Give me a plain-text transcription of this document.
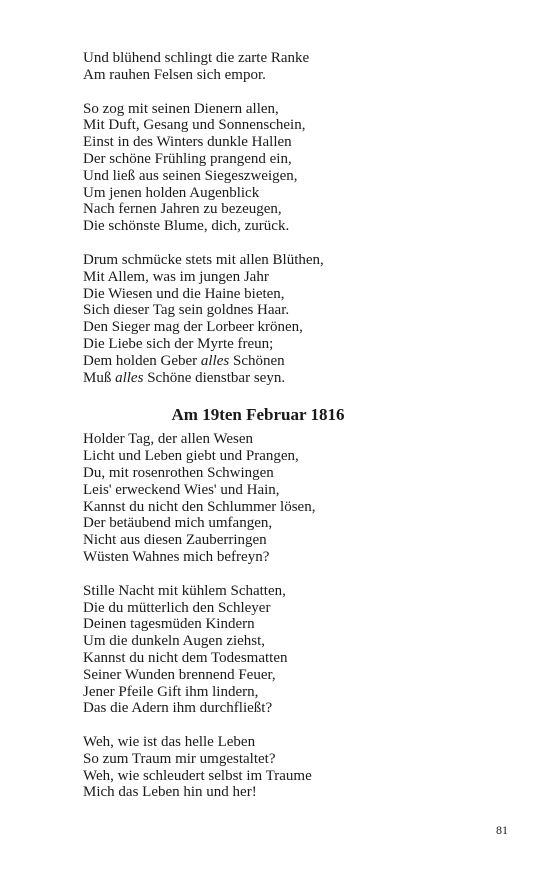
Und blühend schlingt die zarte Ranke
Am rauhen Felsen sich empor.
So zog mit seinen Dienern allen,
Mit Duft, Gesang und Sonnenschein,
Einst in des Winters dunkle Hallen
Der schöne Frühling prangend ein,
Und ließ aus seinen Siegeszweigen,
Um jenen holden Augenblick
Nach fernen Jahren zu bezeugen,
Die schönste Blume, dich, zurück.
Drum schmücke stets mit allen Blüthen,
Mit Allem, was im jungen Jahr
Die Wiesen und die Haine bieten,
Sich dieser Tag sein goldnes Haar.
Den Sieger mag der Lorbeer krönen,
Die Liebe sich der Myrte freun;
Dem holden Geber alles Schönen
Muß alles Schöne dienstbar seyn.
Am 19ten Februar 1816
Holder Tag, der allen Wesen
Licht und Leben giebt und Prangen,
Du, mit rosenrothen Schwingen
Leis' erweckend Wies' und Hain,
Kannst du nicht den Schlummer lösen,
Der betäubend mich umfangen,
Nicht aus diesen Zauberringen
Wüsten Wahnes mich befreyn?
Stille Nacht mit kühlem Schatten,
Die du mütterlich den Schleyer
Deinen tagesmüden Kindern
Um die dunkeln Augen ziehst,
Kannst du nicht dem Todesmatten
Seiner Wunden brennend Feuer,
Jener Pfeile Gift ihm lindern,
Das die Adern ihm durchfließt?
Weh, wie ist das helle Leben
So zum Traum mir umgestaltet?
Weh, wie schleudert selbst im Traume
Mich das Leben hin und her!
81
